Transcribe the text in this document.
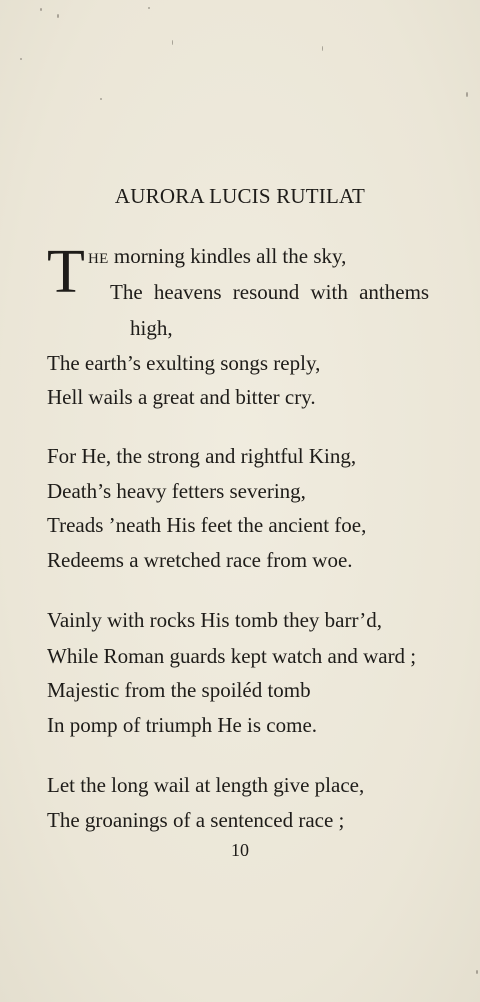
AURORA LUCIS RUTILAT
T HE morning kindles all the sky,
The heavens resound with anthems
high,
The earth’s exulting songs reply,
Hell wails a great and bitter cry.
For He, the strong and rightful King,
Death’s heavy fetters severing,
Treads ’neath His feet the ancient foe,
Redeems a wretched race from woe.
Vainly with rocks His tomb they barr’d,
While Roman guards kept watch and ward ;
Majestic from the spoiléd tomb
In pomp of triumph He is come.
Let the long wail at length give place,
The groanings of a sentenced race ;
10
